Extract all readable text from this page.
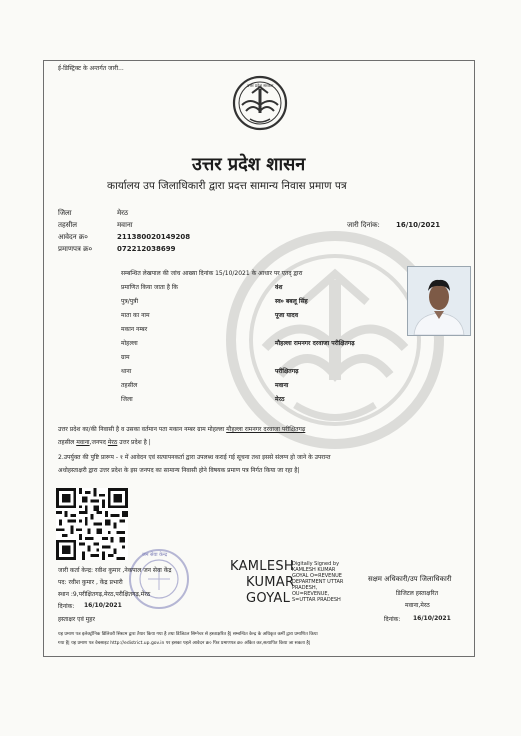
ई-डिस्ट्रिक्ट के अन्तर्गत जारी...
उत्तर प्रदेश सरकार
उत्तर प्रदेश शासन
कार्यालय उप जिलाधिकारी द्वारा प्रदत्त सामान्य निवास प्रमाण पत्र
जिला	मेरठ
तहसील	मवाना	जारी दिनांक: 16/10/2021
आवेदन क्र०	211380020149208
प्रमाणपत्र क्र०	072212038699
सम्बन्धित लेखपाल की जांच आख्या दिनांक 15/10/2021 के आधार पर एतद् द्वारा
प्रमाणित किया जाता है कि	वंश
पुत्र/पुत्री	स्व० बबलू सिंह
माता का नाम	पूजा यादव
मकान नम्बर
मोहल्ला	मौहल्ला रामनगर दरवाजा परीक्षितगढ़
ग्राम
थाना	परीक्षितगढ़
तहसील	मवाना
जिला	मेरठ
उत्तर प्रदेश का/की निवासी है व उसका वर्तमान पता मकान नम्बर ग्राम मोहल्ला मौहल्ला रामनगर दरवाजा परीक्षितगढ़
तहसील मवाना,जनपद मेरठ उत्तर प्रदेश है |
2.उपर्युक्त की पुष्टि प्रारूप - १ में आवेदन एवं सत्यापनकर्ता द्वारा उपलब्ध कराई गई सूचना तथा इससे संलग्न हो जाने के उपरान्त
अधोहस्ताक्षरी द्वारा उत्तर प्रदेश के इस जनपद का सामान्य निवासी होने विषयक प्रमाण पत्र निर्गत किया जा रहा है|
जन सेवा केन्द्र
जारी कर्ता केन्द्र: रवीश कुमार ,नेकपाल जन सेवा केंद्र
पद: रवीश कुमार , केंद्र प्रभारी
स्थान :9,परीक्षितगढ़,मेरठ,परीक्षितगढ़,मेरठ
दिनांक: 16/10/2021
हस्ताक्षर एवं मुहर
KAMLESH
KUMAR
GOYAL
Digitally Signed by
KAMLESH KUMAR
GOYAL O=REVENUE
DEPARTMENT UTTAR
PRADESH,
OU=REVENUE,
S=UTTAR PRADESH
सक्षम अधिकारी/उप जिलाधिकारी
डिजिटल हस्ताक्षरित
मवाना,मेरठ
दिनांक: 16/10/2021
यह प्रमाण पत्र इलेक्ट्रॉनिक डिलिवरी सिस्टम द्वारा तैयार किया गया है तथा डिजिटल सिग्नेचर से हस्ताक्षरित है| सम्बन्धित केन्द्र के अधिकृत कर्मी द्वारा प्रमाणित किया
गया है| यह प्रमाण पत्र वेबसाइट http://edistrict.up.gov.in पर इसका पहले आवेदन क्र० फिर प्रमाणपत्र क्र० अंकित कर,सत्यापित किया जा सकता है|
